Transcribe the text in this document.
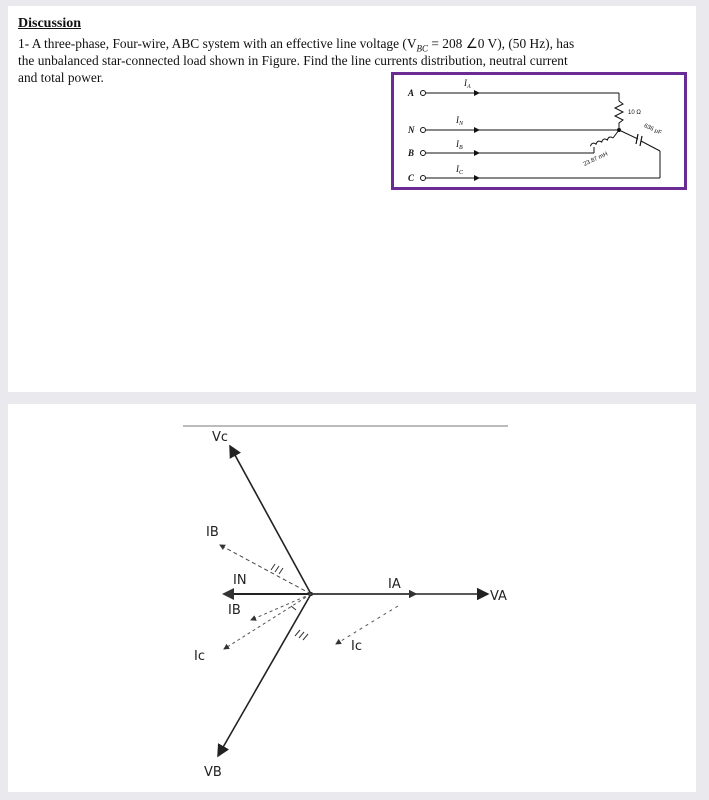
Discussion
1- A three-phase, Four-wire, ABC system with an effective line voltage ($V_{BC} = 208$ ∠0 V), (50 Hz), has
the unbalanced star-connected load shown in Figure. Find the line currents distribution, neutral current
and total power.
A
N
B
C
10 Ω
23.87 mH
636 μF
$I_A$
$I_N$
$I_B$
$I_C$
Vc
VB
VA
IB
IN
IB
Ic
IA
Ic
